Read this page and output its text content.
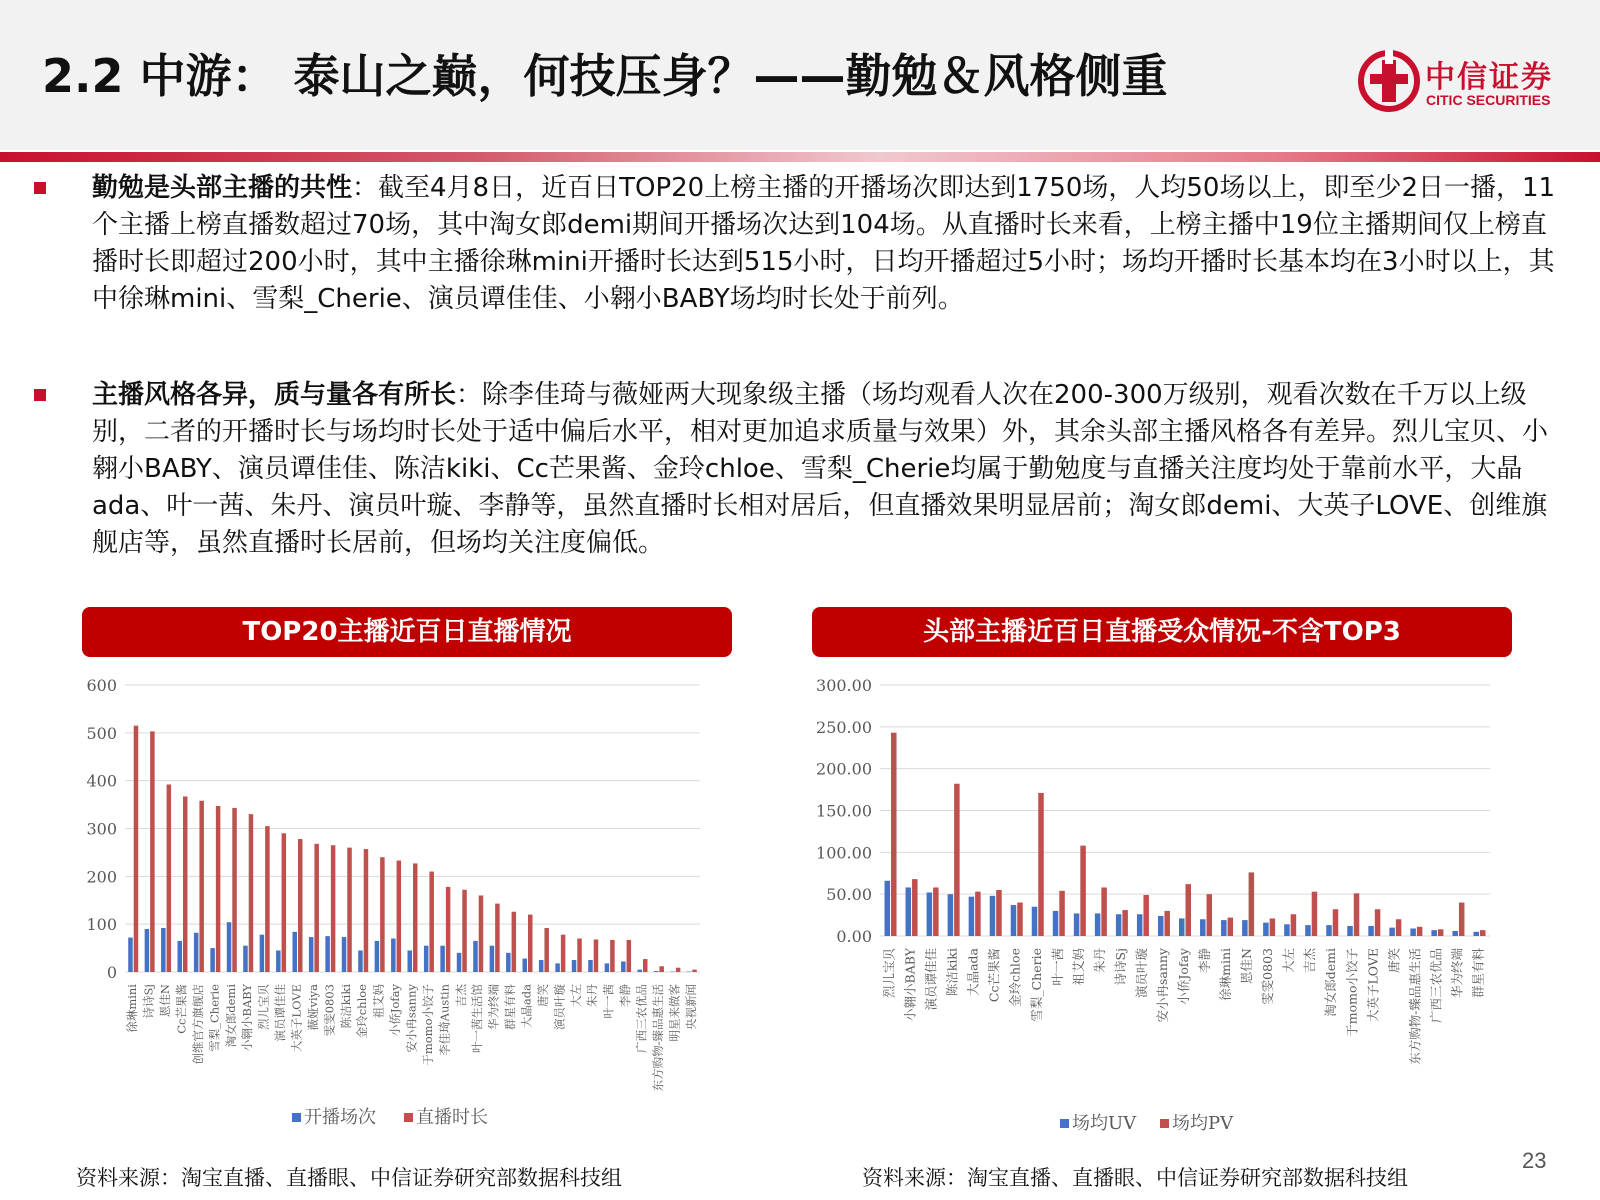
2.2 中游： 泰山之巅，何技压身？——勤勉＆风格侧重	中信证券
CITIC SECURITIES
勤勉是头部主播的共性：截至4月8日，近百日TOP20上榜主播的开播场次即达到1750场，人均50场以上，即至少2日一播，11个主播上榜直播数超过70场，其中淘女郎demi期间开播场次达到104场。从直播时长来看，上榜主播中19位主播期间仅上榜直播时长即超过200小时，其中主播徐琳mini开播时长达到515小时，日均开播超过5小时；场均开播时长基本均在3小时以上，其中徐琳mini、雪梨_Cherie、演员谭佳佳、小翱小BABY场均时长处于前列。
主播风格各异，质与量各有所长：除李佳琦与薇娅两大现象级主播（场均观看人次在200-300万级别，观看次数在千万以上级别，二者的开播时长与场均时长处于适中偏后水平，相对更加追求质量与效果）外，其余头部主播风格各有差异。烈儿宝贝、小翱小BABY、演员谭佳佳、陈洁kiki、Cc芒果酱、金玲chloe、雪梨_Cherie均属于勤勉度与直播关注度均处于靠前水平，大晶ada、叶一茜、朱丹、演员叶璇、李静等，虽然直播时长相对居后，但直播效果明显居前；淘女郎demi、大英子LOVE、创维旗舰店等，虽然直播时长居前，但场均关注度偏低。
TOP20主播近百日直播情况	头部主播近百日直播受众情况-不含TOP3
600
500
400
300
200
100
0
徐琳mini 诗诗Sj 恩佳N Cc芒果酱 创维官方旗舰店 雪梨_Cherie 淘女郎demi 小翱小BABY 烈儿宝贝 演员谭佳佳 大英子LOVE 薇娅viya 雯雯0803 陈洁kiki 金玲chloe 祖艾妈 小侨Jofay 安小冉sanny 于momo小饺子 李佳琦Austin 吉杰 叶一茜生活馆 华为终端 群星有料 大晶ada 唐笑 演员叶璇 大左 朱丹 叶一茜 李静 广西三农优品 东方购物-臻品惠生活 明星来做客 央视新闻
开播场次 直播时长
300.00
250.00
200.00
150.00
100.00
50.00
0.00
烈儿宝贝 小翱小BABY 演员谭佳佳 陈洁kiki 大晶ada Cc芒果酱 金玲chloe 雪梨_Cherie 叶一茜 祖艾妈 朱丹 诗诗Sj 演员叶璇 安小冉sanny 小侨Jofay 李静 徐琳mini 恩佳N 雯雯0803 大左 吉杰 淘女郎demi 于momo小饺子 大英子LOVE 唐笑 东方购物-臻品惠生活 广西三农优品 华为终端 群星有料
场均UV 场均PV
资料来源：淘宝直播、直播眼、中信证券研究部数据科技组	资料来源：淘宝直播、直播眼、中信证券研究部数据科技组
23
